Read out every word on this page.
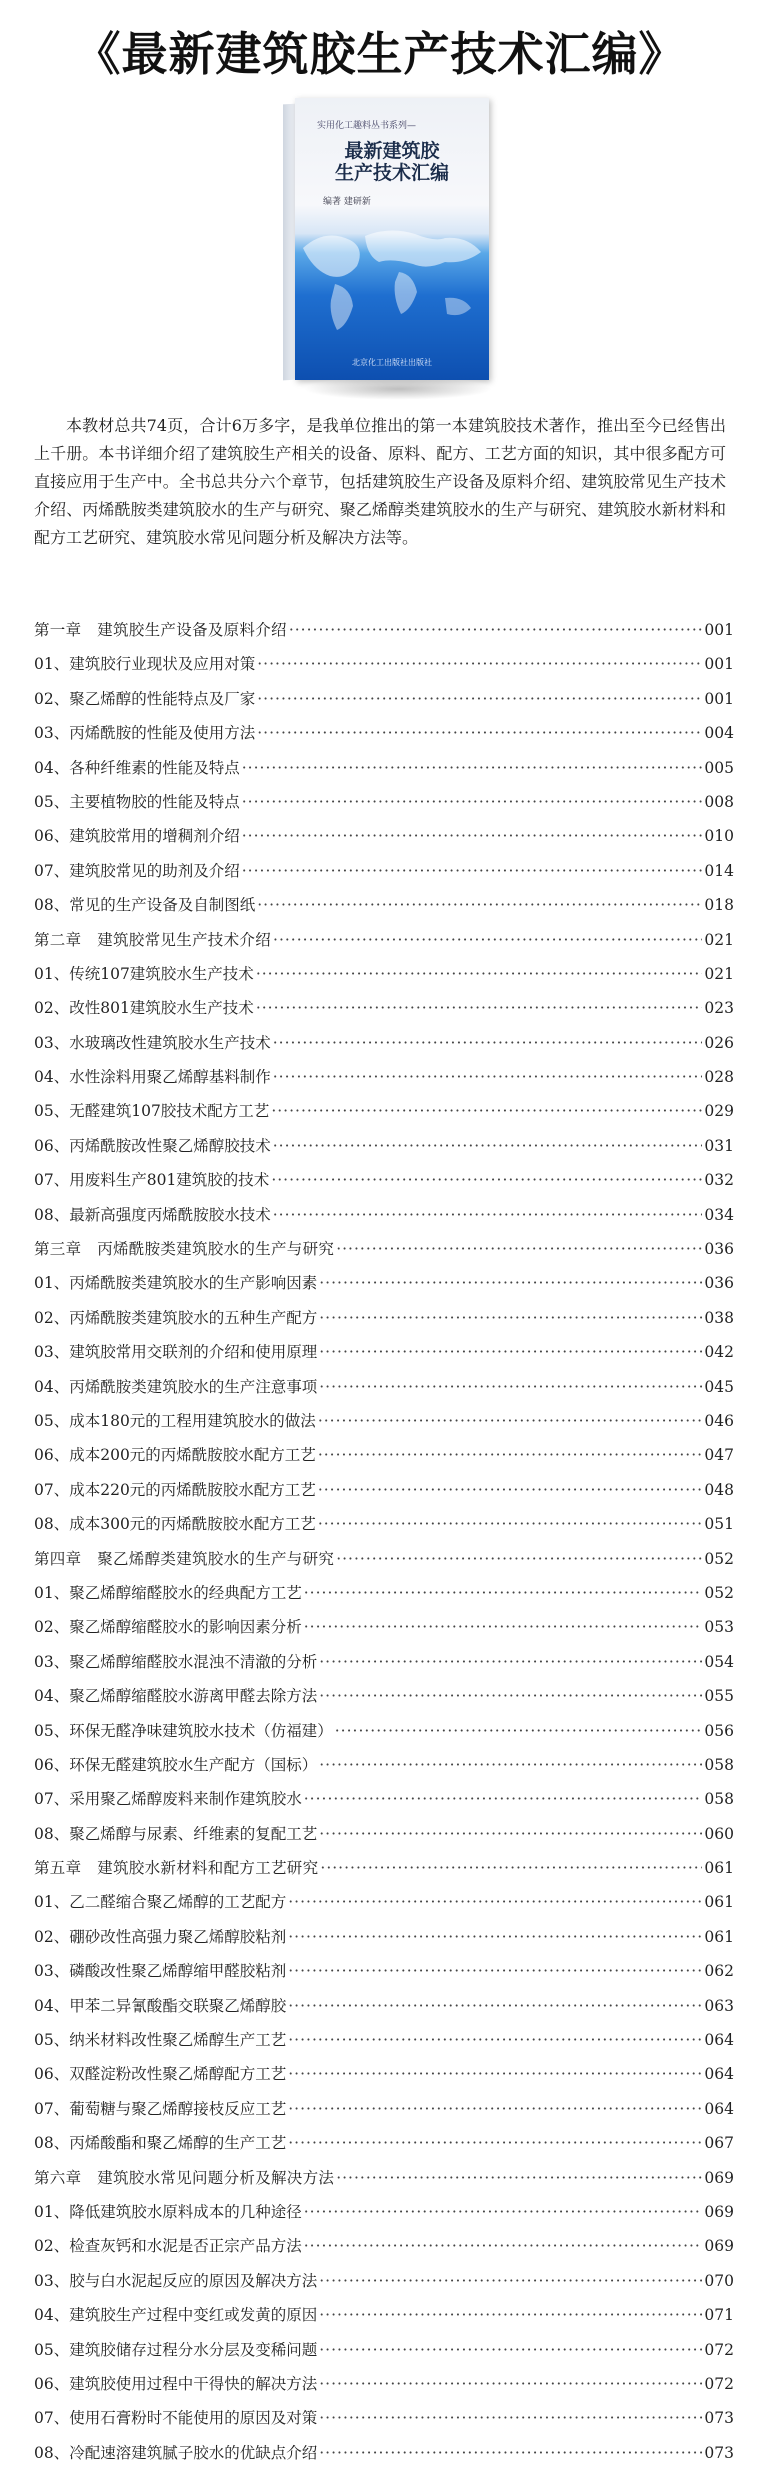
《最新建筑胶生产技术汇编》
实用化工趣料丛书系列—
最新建筑胶
生产技术汇编
编著 建研新
北京化工出版社出版社
本教材总共74页，合计6万多字，是我单位推出的第一本建筑胶技术著作，推出至今已经售出上千册。本书详细介绍了建筑胶生产相关的设备、原料、配方、工艺方面的知识，其中很多配方可直接应用于生产中。全书总共分六个章节，包括建筑胶生产设备及原料介绍、建筑胶常见生产技术介绍、丙烯酰胺类建筑胶水的生产与研究、聚乙烯醇类建筑胶水的生产与研究、建筑胶水新材料和配方工艺研究、建筑胶水常见问题分析及解决方法等。
第一章　建筑胶生产设备及原料介绍 ·····	001
01、建筑胶行业现状及应用对策 ·····	001
02、聚乙烯醇的性能特点及厂家 ·····	001
03、丙烯酰胺的性能及使用方法 ·····	004
04、各种纤维素的性能及特点 ·····	005
05、主要植物胶的性能及特点 ·····	008
06、建筑胶常用的增稠剂介绍 ·····	010
07、建筑胶常见的助剂及介绍 ·····	014
08、常见的生产设备及自制图纸 ·····	018
第二章　建筑胶常见生产技术介绍 ·····	021
01、传统107建筑胶水生产技术 ·····	021
02、改性801建筑胶水生产技术 ·····	023
03、水玻璃改性建筑胶水生产技术 ·····	026
04、水性涂料用聚乙烯醇基料制作 ·····	028
05、无醛建筑107胶技术配方工艺 ·····	029
06、丙烯酰胺改性聚乙烯醇胶技术 ·····	031
07、用废料生产801建筑胶的技术 ·····	032
08、最新高强度丙烯酰胺胶水技术 ·····	034
第三章　丙烯酰胺类建筑胶水的生产与研究 ·····	036
01、丙烯酰胺类建筑胶水的生产影响因素 ·····	036
02、丙烯酰胺类建筑胶水的五种生产配方 ·····	038
03、建筑胶常用交联剂的介绍和使用原理 ·····	042
04、丙烯酰胺类建筑胶水的生产注意事项 ·····	045
05、成本180元的工程用建筑胶水的做法 ·····	046
06、成本200元的丙烯酰胺胶水配方工艺 ·····	047
07、成本220元的丙烯酰胺胶水配方工艺 ·····	048
08、成本300元的丙烯酰胺胶水配方工艺 ·····	051
第四章　聚乙烯醇类建筑胶水的生产与研究 ·····	052
01、聚乙烯醇缩醛胶水的经典配方工艺 ·····	052
02、聚乙烯醇缩醛胶水的影响因素分析 ·····	053
03、聚乙烯醇缩醛胶水混浊不清澈的分析 ·····	054
04、聚乙烯醇缩醛胶水游离甲醛去除方法 ·····	055
05、环保无醛净味建筑胶水技术（仿福建） ·····	056
06、环保无醛建筑胶水生产配方（国标） ·····	058
07、采用聚乙烯醇废料来制作建筑胶水 ·····	058
08、聚乙烯醇与尿素、纤维素的复配工艺 ·····	060
第五章　建筑胶水新材料和配方工艺研究 ·····	061
01、乙二醛缩合聚乙烯醇的工艺配方 ·····	061
02、硼砂改性高强力聚乙烯醇胶粘剂 ·····	061
03、磷酸改性聚乙烯醇缩甲醛胶粘剂 ·····	062
04、甲苯二异氰酸酯交联聚乙烯醇胶 ·····	063
05、纳米材料改性聚乙烯醇生产工艺 ·····	064
06、双醛淀粉改性聚乙烯醇配方工艺 ·····	064
07、葡萄糖与聚乙烯醇接枝反应工艺 ·····	064
08、丙烯酸酯和聚乙烯醇的生产工艺 ·····	067
第六章　建筑胶水常见问题分析及解决方法 ·····	069
01、降低建筑胶水原料成本的几种途径 ·····	069
02、检查灰钙和水泥是否正宗产品方法 ·····	069
03、胶与白水泥起反应的原因及解决方法 ·····	070
04、建筑胶生产过程中变红或发黄的原因 ·····	071
05、建筑胶储存过程分水分层及变稀问题 ·····	072
06、建筑胶使用过程中干得快的解决方法 ·····	072
07、使用石膏粉时不能使用的原因及对策 ·····	073
08、冷配速溶建筑腻子胶水的优缺点介绍 ·····	073
